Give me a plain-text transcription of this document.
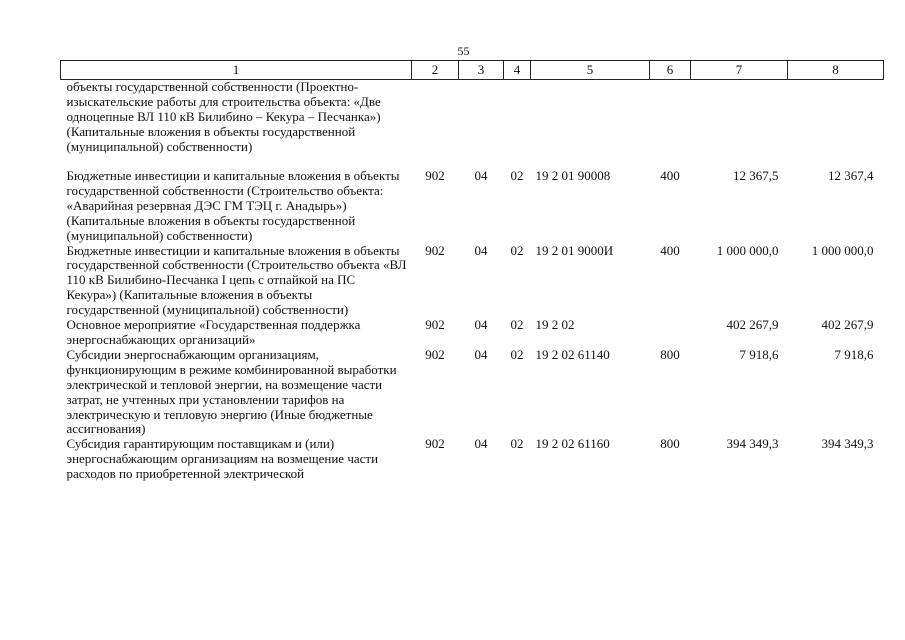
55
1	2	3	4	5	6	7	8
объекты государственной собственности (Проектно-изыскательские работы для строительства объекта: «Две одноцепные ВЛ 110 кВ Билибино – Кекура – Песчанка») (Капитальные вложения в объекты государственной (муниципальной) собственности)							
Бюджетные инвестиции и капитальные вложения в объекты государственной собственности (Строительство объекта: «Аварийная резервная ДЭС ГМ ТЭЦ г. Анадырь») (Капитальные вложения в объекты государственной (муниципальной) собственности)	902	04	02	19 2 01 90008	400	12 367,5	12 367,4
Бюджетные инвестиции и капитальные вложения в объекты государственной собственности (Строительство объекта «ВЛ 110 кВ Билибино-Песчанка I цепь с отпайкой на ПС Кекура») (Капитальные вложения в объекты государственной (муниципальной) собственности)	902	04	02	19 2 01 9000И	400	1 000 000,0	1 000 000,0
Основное мероприятие «Государственная поддержка энергоснабжающих организаций»	902	04	02	19 2 02		402 267,9	402 267,9
Субсидии энергоснабжающим организациям, функционирующим в режиме комбинированной выработки электрической и тепловой энергии, на возмещение части затрат, не учтенных при установлении тарифов на электрическую и тепловую энергию (Иные бюджетные ассигнования)	902	04	02	19 2 02 61140	800	7 918,6	7 918,6
Субсидия гарантирующим поставщикам и (или) энергоснабжающим организациям на возмещение части расходов по приобретенной электрической	902	04	02	19 2 02 61160	800	394 349,3	394 349,3
